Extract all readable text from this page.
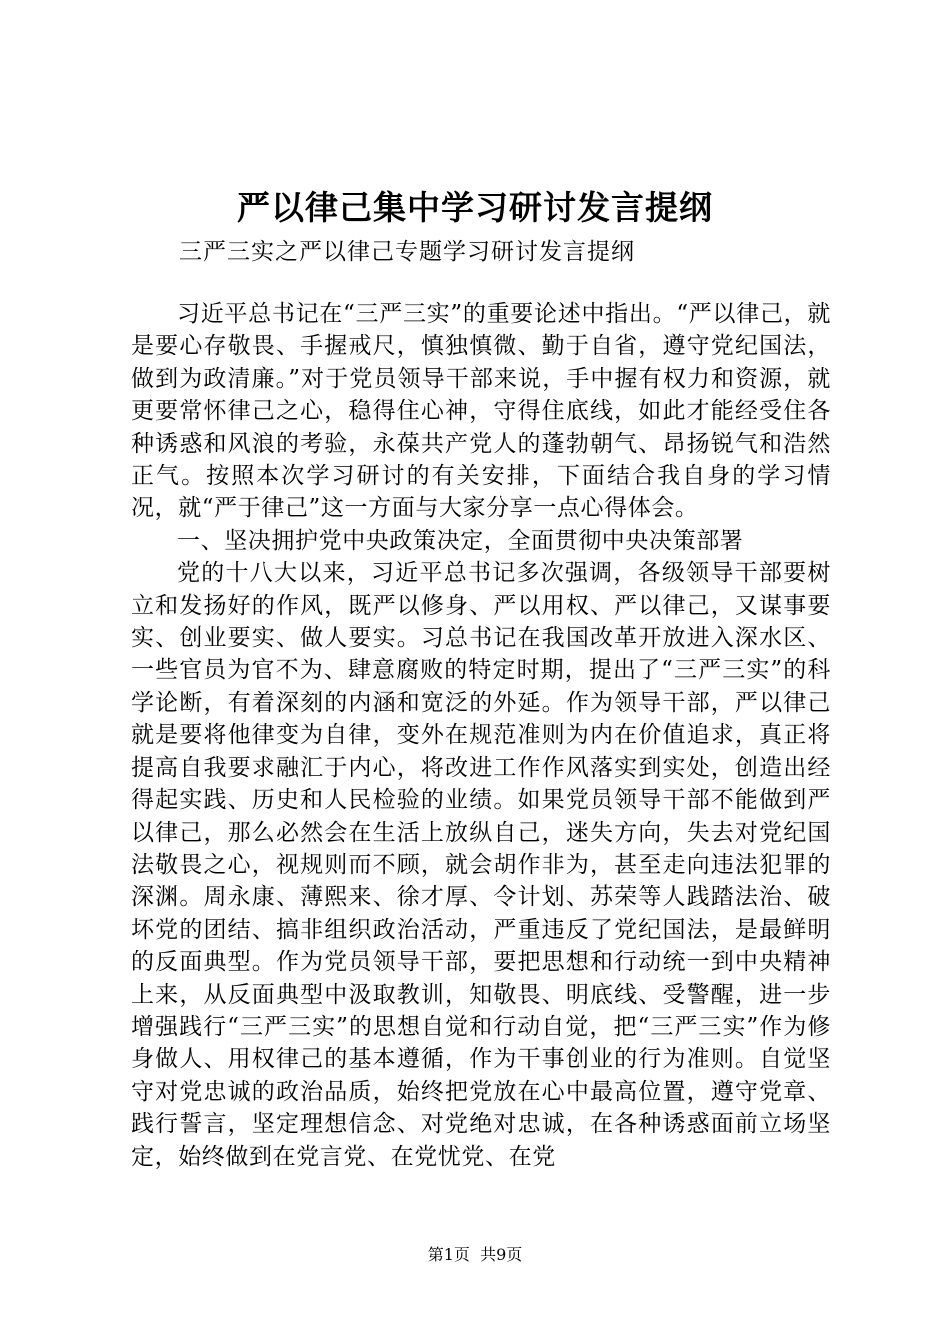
严以律己集中学习研讨发言提纲
三严三实之严以律己专题学习研讨发言提纲

习近平总书记在“三严三实”的重要论述中指出。“严以律己，就是要心存敬畏、手握戒尺，慎独慎微、勤于自省，遵守党纪国法，做到为政清廉。”对于党员领导干部来说，手中握有权力和资源，就更要常怀律己之心，稳得住心神，守得住底线，如此才能经受住各种诱惑和风浪的考验，永葆共产党人的蓬勃朝气、昂扬锐气和浩然正气。按照本次学习研讨的有关安排，下面结合我自身的学习情况，就“严于律己”这一方面与大家分享一点心得体会。

一、坚决拥护党中央政策决定，全面贯彻中央决策部署

党的十八大以来，习近平总书记多次强调，各级领导干部要树立和发扬好的作风，既严以修身、严以用权、严以律己，又谋事要实、创业要实、做人要实。习总书记在我国改革开放进入深水区、一些官员为官不为、肆意腐败的特定时期，提出了“三严三实”的科学论断，有着深刻的内涵和宽泛的外延。作为领导干部，严以律己就是要将他律变为自律，变外在规范准则为内在价值追求，真正将提高自我要求融汇于内心，将改进工作作风落实到实处，创造出经得起实践、历史和人民检验的业绩。如果党员领导干部不能做到严以律己，那么必然会在生活上放纵自己，迷失方向，失去对党纪国法敬畏之心，视规则而不顾，就会胡作非为，甚至走向违法犯罪的深渊。周永康、薄熙来、徐才厚、令计划、苏荣等人践踏法治、破坏党的团结、搞非组织政治活动，严重违反了党纪国法，是最鲜明的反面典型。作为党员领导干部，要把思想和行动统一到中央精神上来，从反面典型中汲取教训，知敬畏、明底线、受警醒，进一步增强践行“三严三实”的思想自觉和行动自觉，把“三严三实”作为修身做人、用权律己的基本遵循，作为干事创业的行为准则。自觉坚守对党忠诚的政治品质，始终把党放在心中最高位置，遵守党章、践行誓言，坚定理想信念、对党绝对忠诚，在各种诱惑面前立场坚定，始终做到在党言党、在党忧党、在党

第1页  共9页
